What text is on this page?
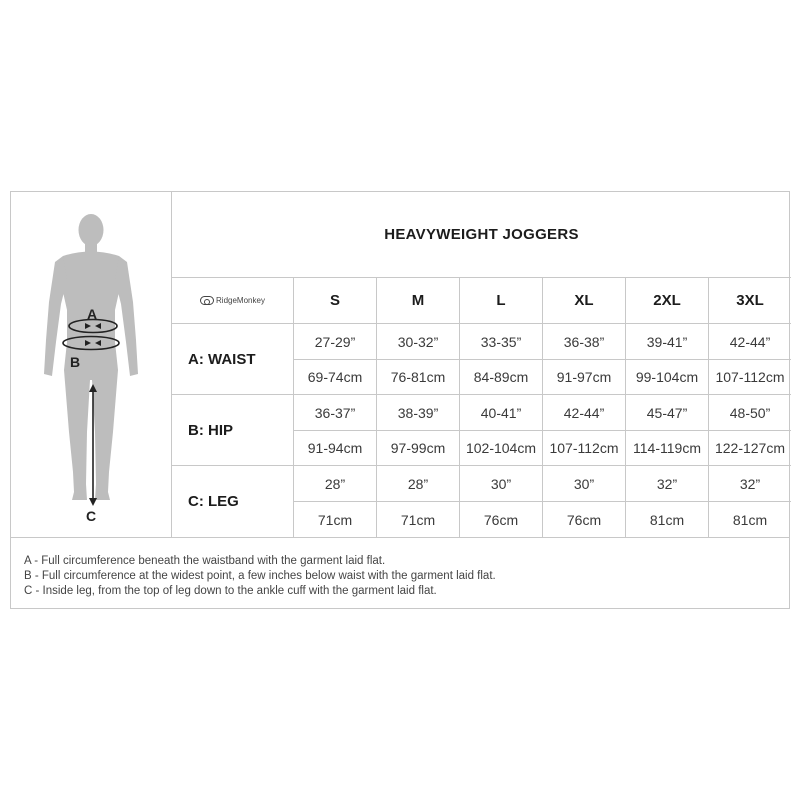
A
B
C
HEAVYWEIGHT JOGGERS
RidgeMonkey	S	M	L	XL	2XL	3XL
A: WAIST
27-29”	30-32”	33-35”	36-38”	39-41”	42-44”
69-74cm	76-81cm	84-89cm	91-97cm	99-104cm	107-112cm
B: HIP
36-37”	38-39”	40-41”	42-44”	45-47”	48-50”
91-94cm	97-99cm	102-104cm 107-112cm	114-119cm 122-127cm
C: LEG
28”	28”	30”	30”	32”	32”
71cm	71cm	76cm	76cm	81cm	81cm
A - Full circumference beneath the waistband with the garment laid flat.
B - Full circumference at the widest point, a few inches below waist with the garment laid flat.
C - Inside leg, from the top of leg down to the ankle cuff with the garment laid flat.
